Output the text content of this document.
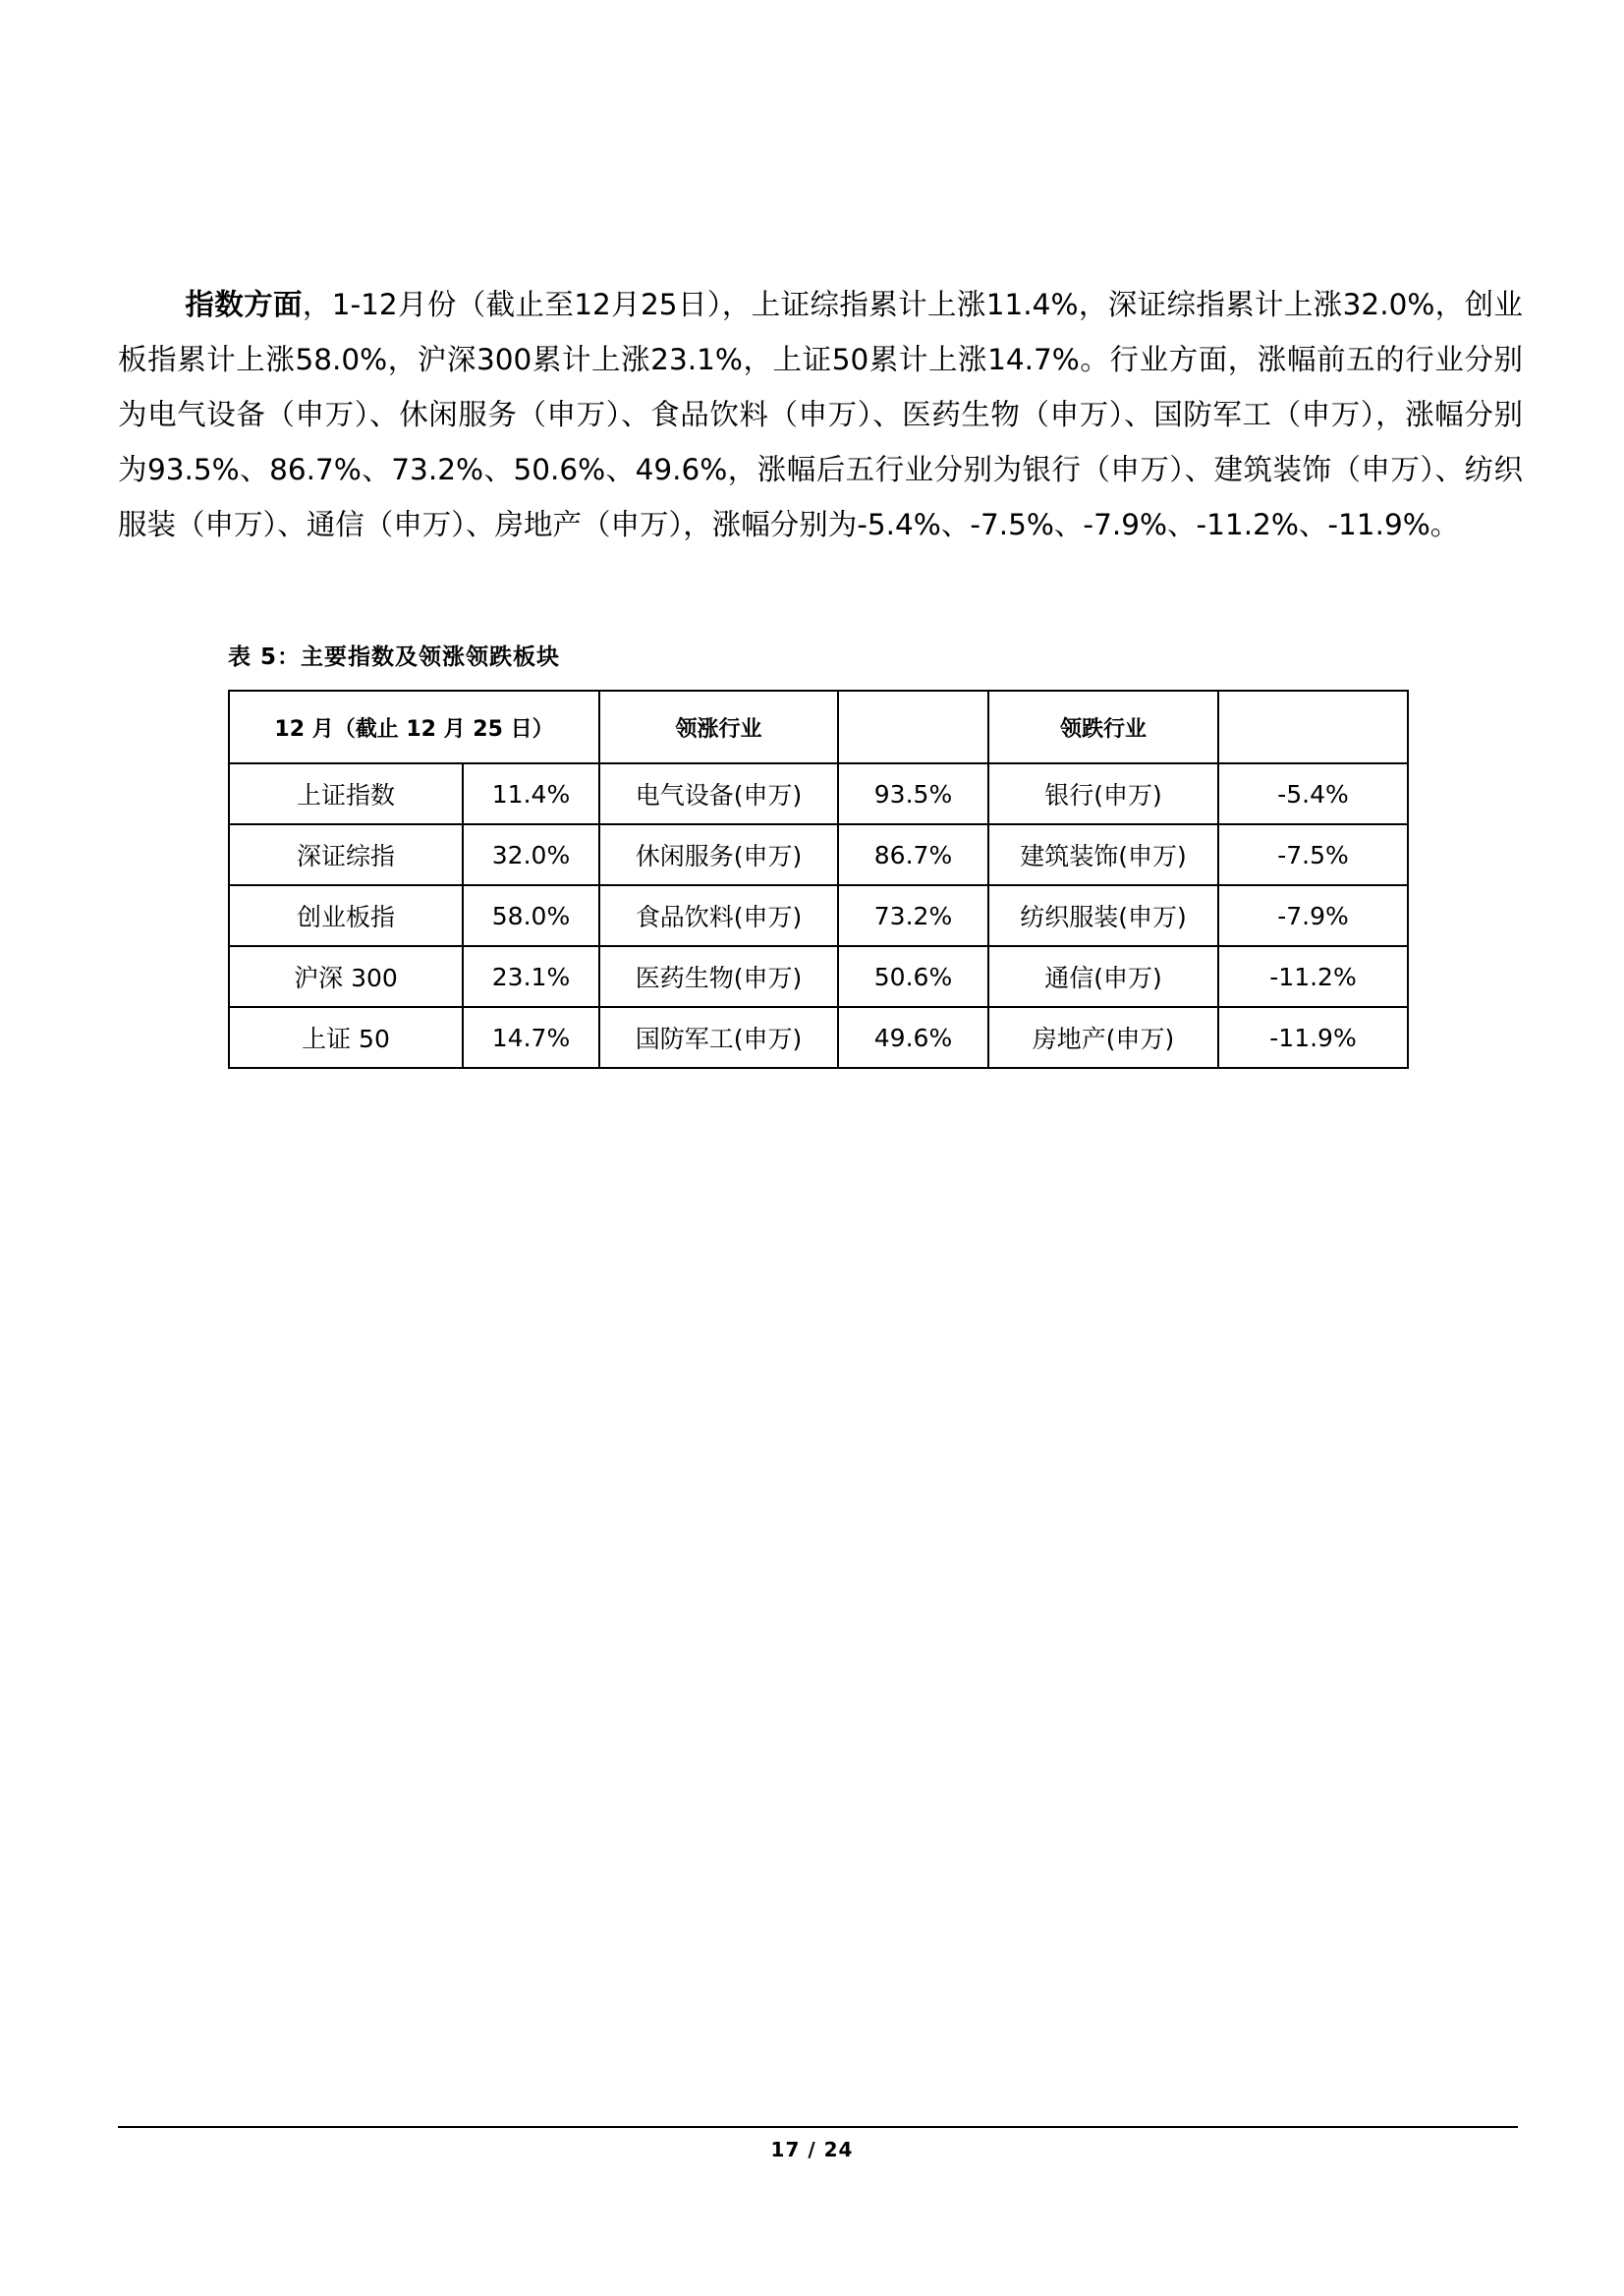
指数方面，1-12月份（截止至12月25日），上证综指累计上涨11.4%，深证综指累计上涨32.0%，创业板指累计上涨58.0%，沪深300累计上涨23.1%，上证50累计上涨14.7%。行业方面，涨幅前五的行业分别为电气设备（申万）、休闲服务（申万）、食品饮料（申万）、医药生物（申万）、国防军工（申万），涨幅分别为93.5%、86.7%、73.2%、50.6%、49.6%，涨幅后五行业分别为银行（申万）、建筑装饰（申万）、纺织服装（申万）、通信（申万）、房地产（申万），涨幅分别为-5.4%、-7.5%、-7.9%、-11.2%、-11.9%。
表 5：主要指数及领涨领跌板块
12 月（截止 12 月 25 日）		领涨行业		领跌行业	
上证指数	11.4%	电气设备(申万)	93.5%	银行(申万)	-5.4%
深证综指	32.0%	休闲服务(申万)	86.7%	建筑装饰(申万)	-7.5%
创业板指	58.0%	食品饮料(申万)	73.2%	纺织服装(申万)	-7.9%
沪深 300	23.1%	医药生物(申万)	50.6%	通信(申万)	-11.2%
上证 50	14.7%	国防军工(申万)	49.6%	房地产(申万)	-11.9%
17 / 24
